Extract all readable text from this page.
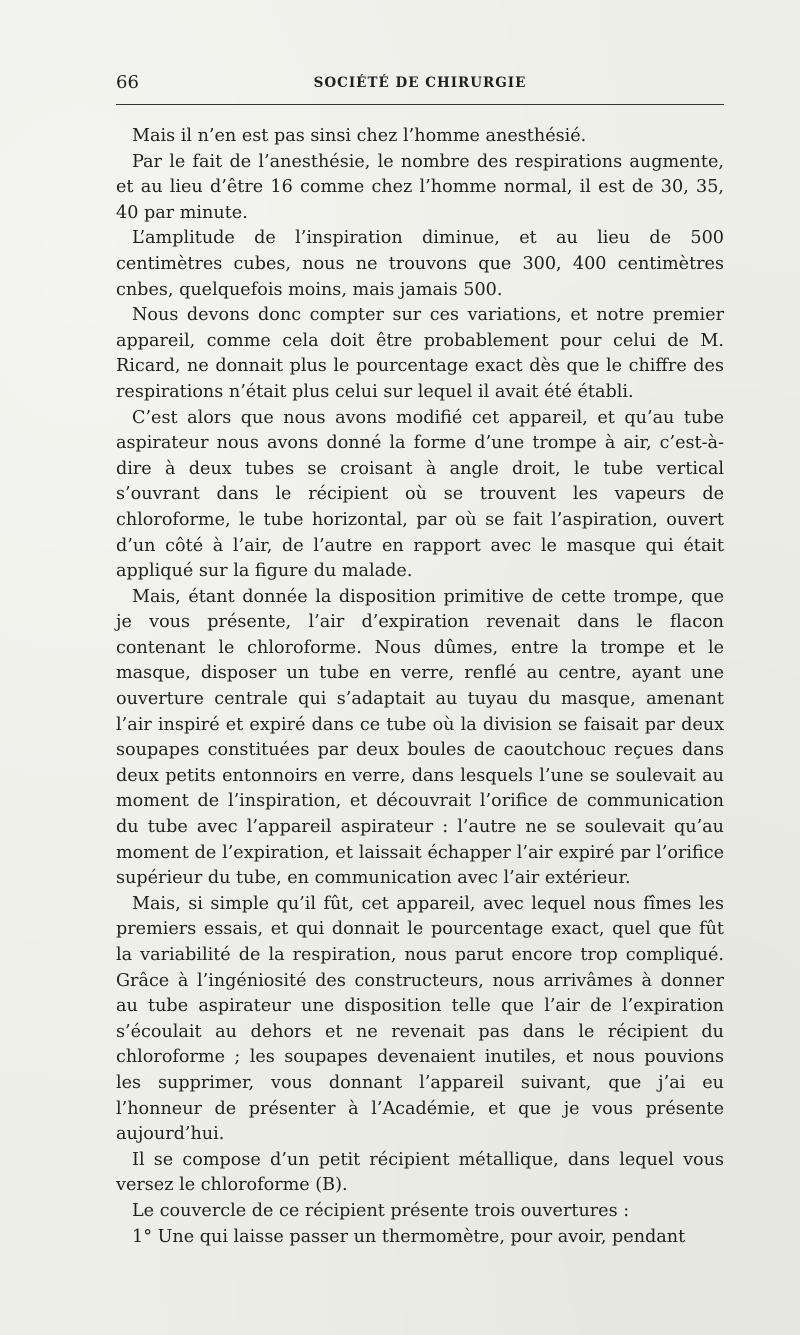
66	SOCIÉTÉ DE CHIRURGIE

Mais il n’en est pas sinsi chez l’homme anesthésié.

Par le fait de l’anesthésie, le nombre des respirations augmente, et au lieu d’être 16 comme chez l’homme normal, il est de 30, 35, 40 par minute.

L’amplitude de l’inspiration diminue, et au lieu de 500 centimètres cubes, nous ne trouvons que 300, 400 centimètres cnbes, quelquefois moins, mais jamais 500.

Nous devons donc compter sur ces variations, et notre premier appareil, comme cela doit être probablement pour celui de M. Ricard, ne donnait plus le pourcentage exact dès que le chiffre des respirations n’était plus celui sur lequel il avait été établi.

C’est alors que nous avons modifié cet appareil, et qu’au tube aspirateur nous avons donné la forme d’une trompe à air, c’est-à-dire à deux tubes se croisant à angle droit, le tube vertical s’ouvrant dans le récipient où se trouvent les vapeurs de chloroforme, le tube horizontal, par où se fait l’aspiration, ouvert d’un côté à l’air, de l’autre en rapport avec le masque qui était appliqué sur la figure du malade.

Mais, étant donnée la disposition primitive de cette trompe, que je vous présente, l’air d’expiration revenait dans le flacon contenant le chloroforme. Nous dûmes, entre la trompe et le masque, disposer un tube en verre, renflé au centre, ayant une ouverture centrale qui s’adaptait au tuyau du masque, amenant l’air inspiré et expiré dans ce tube où la division se faisait par deux soupapes constituées par deux boules de caoutchouc reçues dans deux petits entonnoirs en verre, dans lesquels l’une se soulevait au moment de l’inspiration, et découvrait l’orifice de communication du tube avec l’appareil aspirateur : l’autre ne se soulevait qu’au moment de l’expiration, et laissait échapper l’air expiré par l’orifice supérieur du tube, en communication avec l’air extérieur.

Mais, si simple qu’il fût, cet appareil, avec lequel nous fîmes les premiers essais, et qui donnait le pourcentage exact, quel que fût la variabilité de la respiration, nous parut encore trop compliqué. Grâce à l’ingéniosité des constructeurs, nous arrivâmes à donner au tube aspirateur une disposition telle que l’air de l’expiration s’écoulait au dehors et ne revenait pas dans le récipient du chloroforme ; les soupapes devenaient inutiles, et nous pouvions les supprimer, vous donnant l’appareil suivant, que j’ai eu l’honneur de présenter à l’Académie, et que je vous présente aujourd’hui.

Il se compose d’un petit récipient métallique, dans lequel vous versez le chloroforme (B).

Le couvercle de ce récipient présente trois ouvertures :

1° Une qui laisse passer un thermomètre, pour avoir, pendant
